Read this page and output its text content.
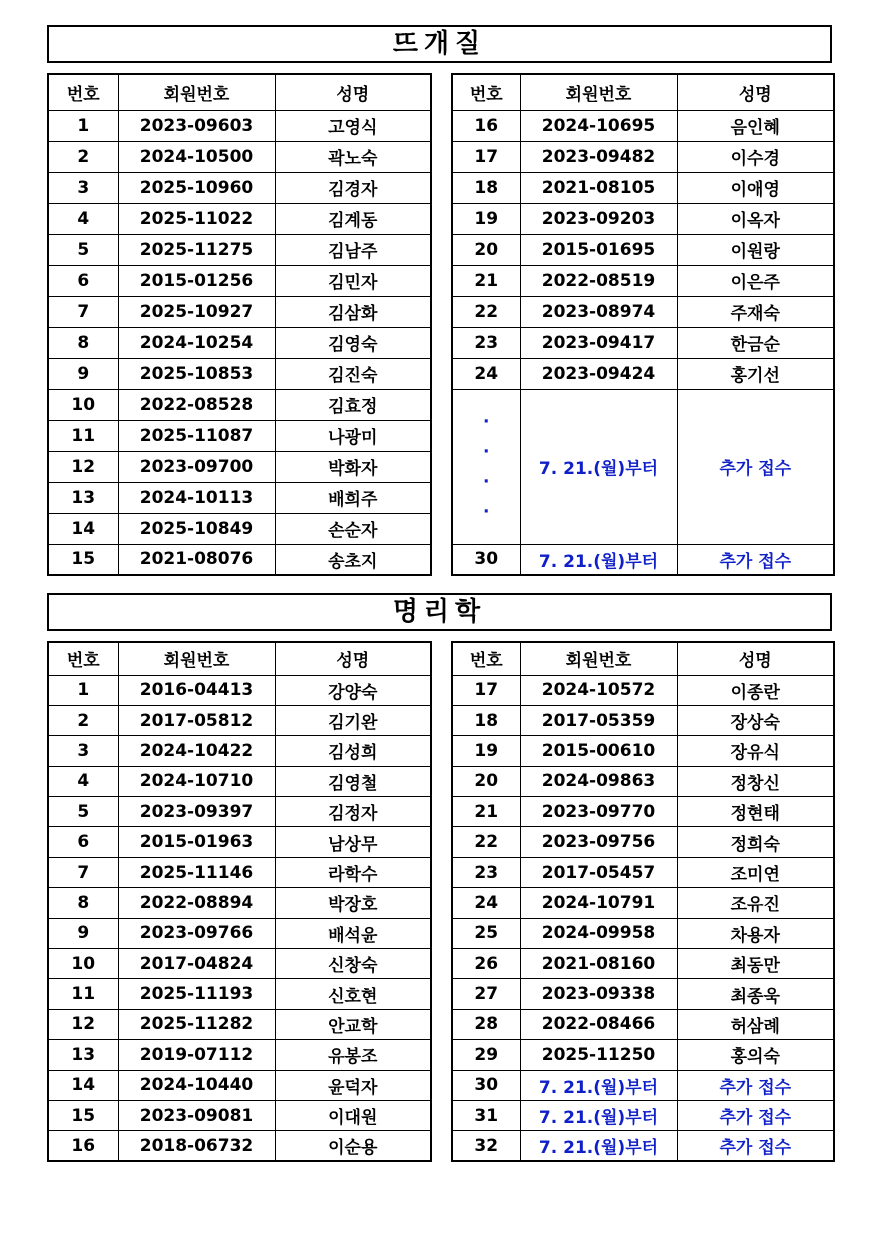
뜨개질
번호	회원번호	성명
1	2023-09603	고영식
2	2024-10500	곽노숙
3	2025-10960	김경자
4	2025-11022	김계동
5	2025-11275	김남주
6	2015-01256	김민자
7	2025-10927	김삼화
8	2024-10254	김영숙
9	2025-10853	김진숙
10	2022-08528	김효정
11	2025-11087	나광미
12	2023-09700	박화자
13	2024-10113	배희주
14	2025-10849	손순자
15	2021-08076	송초지
번호	회원번호	성명
16	2024-10695	음인혜
17	2023-09482	이수경
18	2021-08105	이애영
19	2023-09203	이옥자
20	2015-01695	이원랑
21	2022-08519	이은주
22	2023-08974	주재숙
23	2023-09417	한금순
24	2023-09424	홍기선

·
·
·
·	7. 21.(월)부터	추가 접수
30	7. 21.(월)부터	추가 접수
명리학
번호	회원번호	성명
1	2016-04413	강양숙
2	2017-05812	김기완
3	2024-10422	김성희
4	2024-10710	김영철
5	2023-09397	김정자
6	2015-01963	남상무
7	2025-11146	라학수
8	2022-08894	박장호
9	2023-09766	배석윤
10	2017-04824	신창숙
11	2025-11193	신호현
12	2025-11282	안교학
13	2019-07112	유봉조
14	2024-10440	윤덕자
15	2023-09081	이대원
16	2018-06732	이순용
번호	회원번호	성명
17	2024-10572	이종란
18	2017-05359	장상숙
19	2015-00610	장유식
20	2024-09863	정창신
21	2023-09770	정현태
22	2023-09756	정희숙
23	2017-05457	조미연
24	2024-10791	조유진
25	2024-09958	차용자
26	2021-08160	최동만
27	2023-09338	최종욱
28	2022-08466	허삼례
29	2025-11250	홍의숙
30	7. 21.(월)부터	추가 접수
31	7. 21.(월)부터	추가 접수
32	7. 21.(월)부터	추가 접수
